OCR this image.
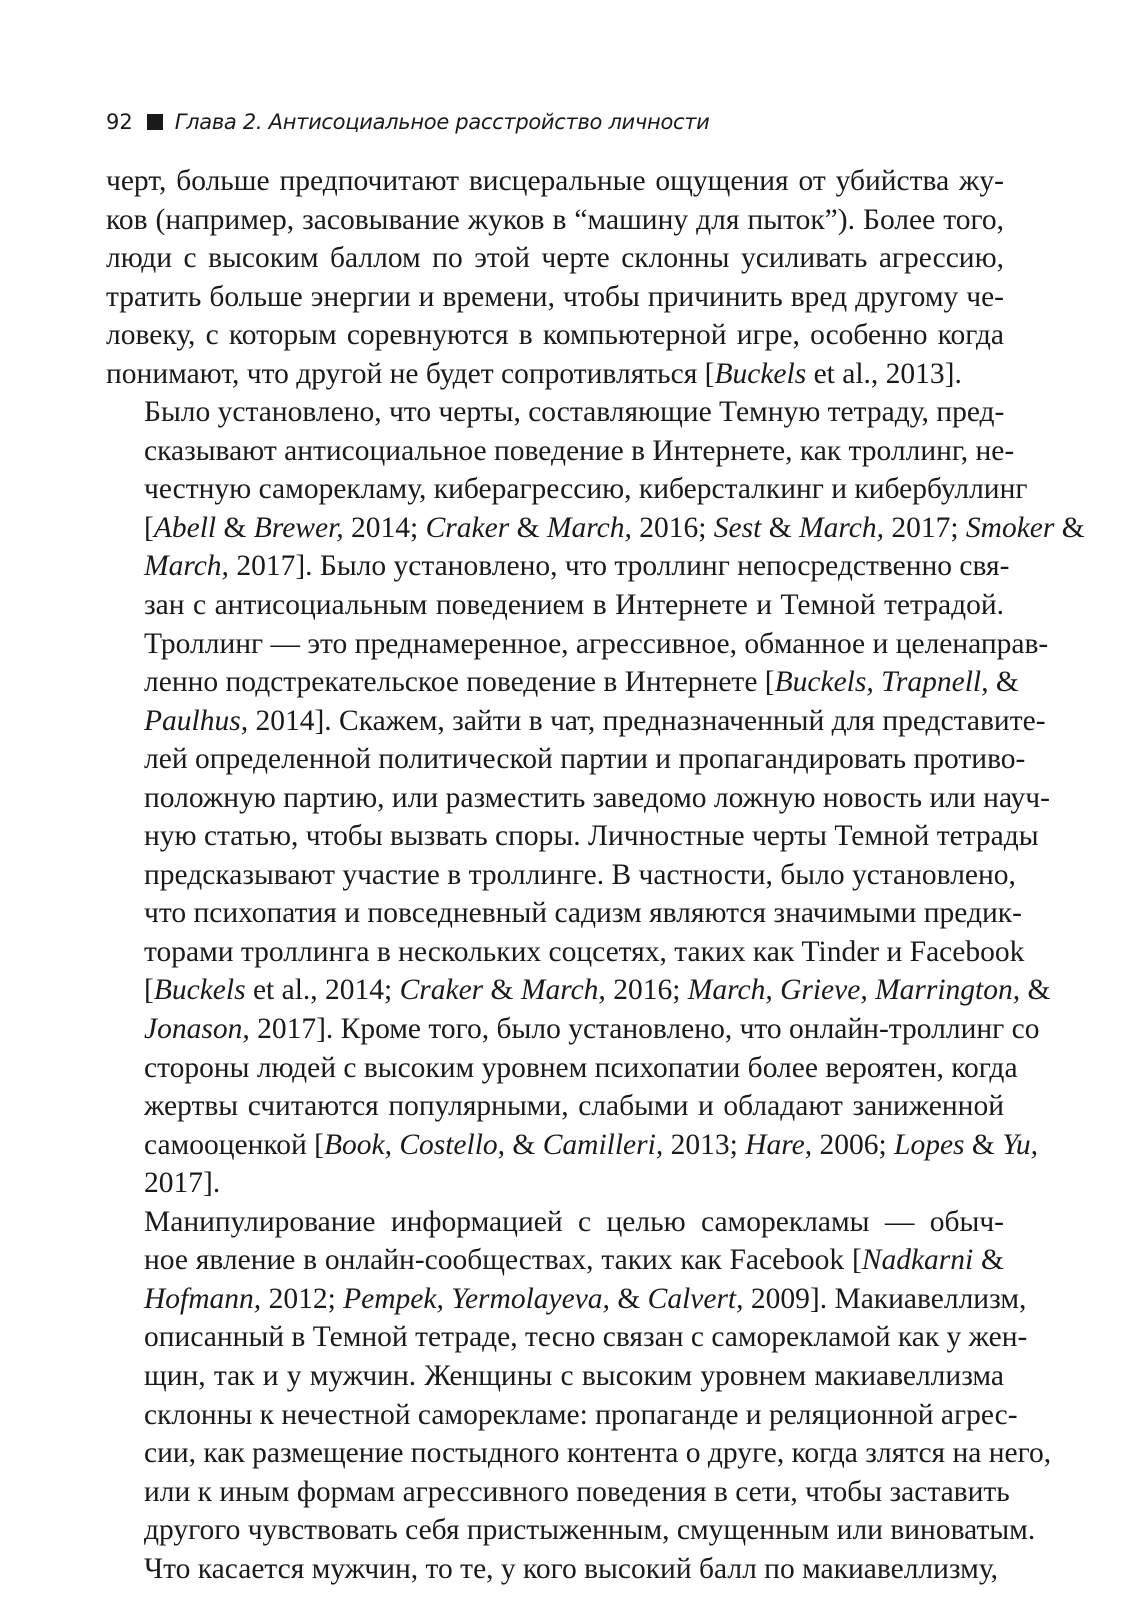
92 Глава 2. Антисоциальное расстройство личности

черт, больше предпочитают висцеральные ощущения от убийства жу-
ков (например, засовывание жуков в “машину для пыток”). Более того,
люди с высоким баллом по этой черте склонны усиливать агрессию,
тратить больше энергии и времени, чтобы причинить вред другому че-
ловеку, с которым соревнуются в компьютерной игре, особенно когда
понимают, что другой не будет сопротивляться [Buckels et al., 2013].

Было установлено, что черты, составляющие Темную тетраду, пред-
сказывают антисоциальное поведение в Интернете, как троллинг, не-
честную саморекламу, киберагрессию, киберсталкинг и кибербуллинг
[Abell & Brewer, 2014; Craker & March, 2016; Sest & March, 2017; Smoker &
March, 2017]. Было установлено, что троллинг непосредственно свя-
зан с антисоциальным поведением в Интернете и Темной тетрадой.
Троллинг — это преднамеренное, агрессивное, обманное и целенаправ-
ленно подстрекательское поведение в Интернете [Buckels, Trapnell, &
Paulhus, 2014]. Скажем, зайти в чат, предназначенный для представите-
лей определенной политической партии и пропагандировать противо-
положную партию, или разместить заведомо ложную новость или науч-
ную статью, чтобы вызвать споры. Личностные черты Темной тетрады
предсказывают участие в троллинге. В частности, было установлено,
что психопатия и повседневный садизм являются значимыми предик-
торами троллинга в нескольких соцсетях, таких как Tinder и Facebook
[Buckels et al., 2014; Craker & March, 2016; March, Grieve, Marrington, &
Jonason, 2017]. Кроме того, было установлено, что онлайн-троллинг со
стороны людей с высоким уровнем психопатии более вероятен, когда
жертвы считаются популярными, слабыми и обладают заниженной
самооценкой [Book, Costello, & Camilleri, 2013; Hare, 2006; Lopes & Yu,
2017].

Манипулирование информацией с целью саморекламы — обыч-
ное явление в онлайн-сообществах, таких как Facebook [Nadkarni &
Hofmann, 2012; Pempek, Yermolayeva, & Calvert, 2009]. Макиавеллизм,
описанный в Темной тетраде, тесно связан с саморекламой как у жен-
щин, так и у мужчин. Женщины с высоким уровнем макиавеллизма
склонны к нечестной саморекламе: пропаганде и реляционной агрес-
сии, как размещение постыдного контента о друге, когда злятся на него,
или к иным формам агрессивного поведения в сети, чтобы заставить
другого чувствовать себя пристыженным, смущенным или виноватым.
Что касается мужчин, то те, у кого высокий балл по макиавеллизму,
